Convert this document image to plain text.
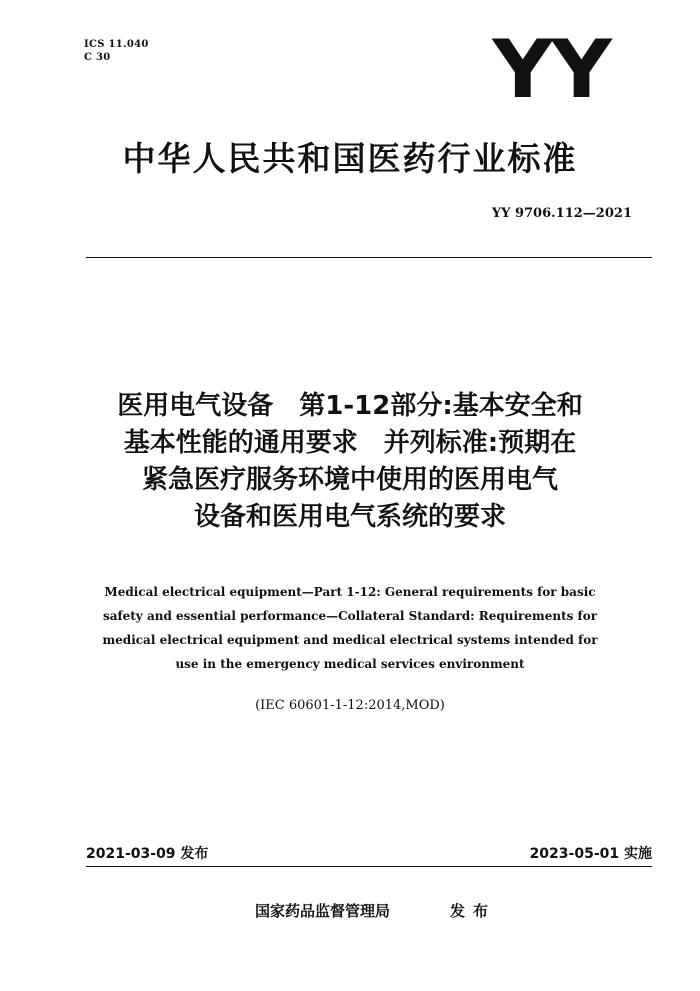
ICS 11.040
C 30	YY
中华人民共和国医药行业标准
YY 9706.112—2021
医用电气设备　第1-12部分:基本安全和
基本性能的通用要求　并列标准:预期在
紧急医疗服务环境中使用的医用电气
设备和医用电气系统的要求
Medical electrical equipment—Part 1-12: General requirements for basic
safety and essential performance—Collateral Standard: Requirements for
medical electrical equipment and medical electrical systems intended for
use in the emergency medical services environment
(IEC 60601-1-12:2014,MOD)
2021-03-09 发布	2023-05-01 实施
国家药品监督管理局	发布
